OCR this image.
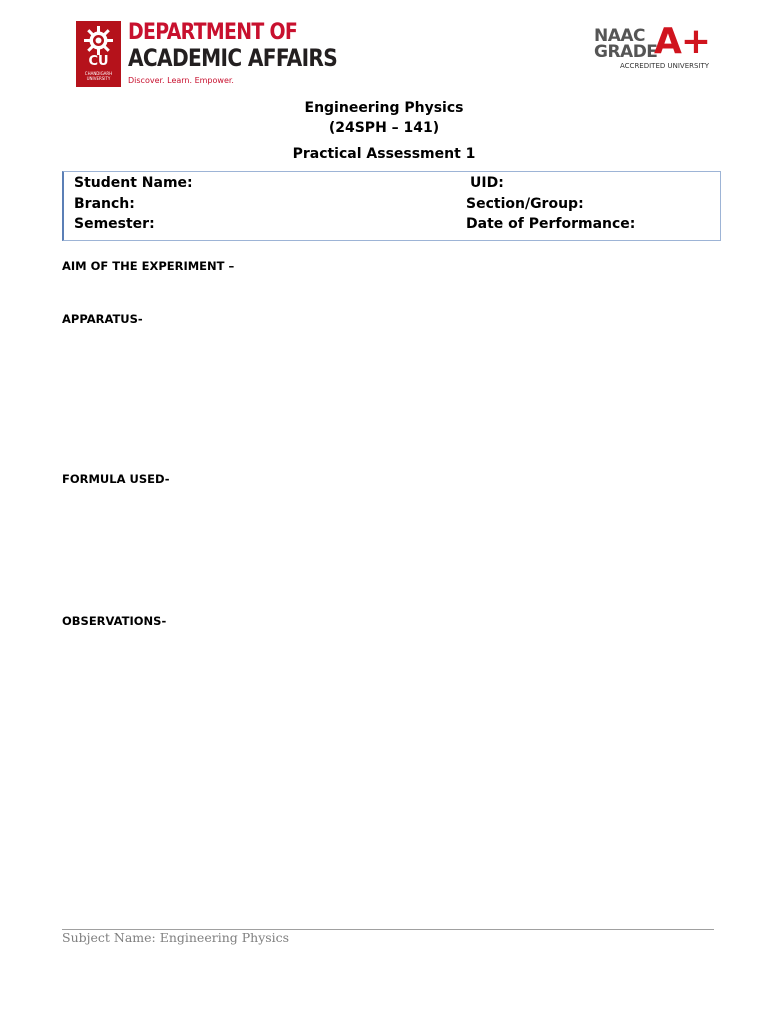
CU
CHANDIGARH UNIVERSITY
DEPARTMENT OF
ACADEMIC AFFAIRS
Discover. Learn. Empower.
NAAC
GRADE
A+
ACCREDITED UNIVERSITY
Engineering Physics
(24SPH – 141)
Practical Assessment 1
Student Name:	UID:
Branch:	Section/Group:
Semester:	Date of Performance:
AIM OF THE EXPERIMENT –
APPARATUS-
FORMULA USED-
OBSERVATIONS-
Subject Name: Engineering Physics
